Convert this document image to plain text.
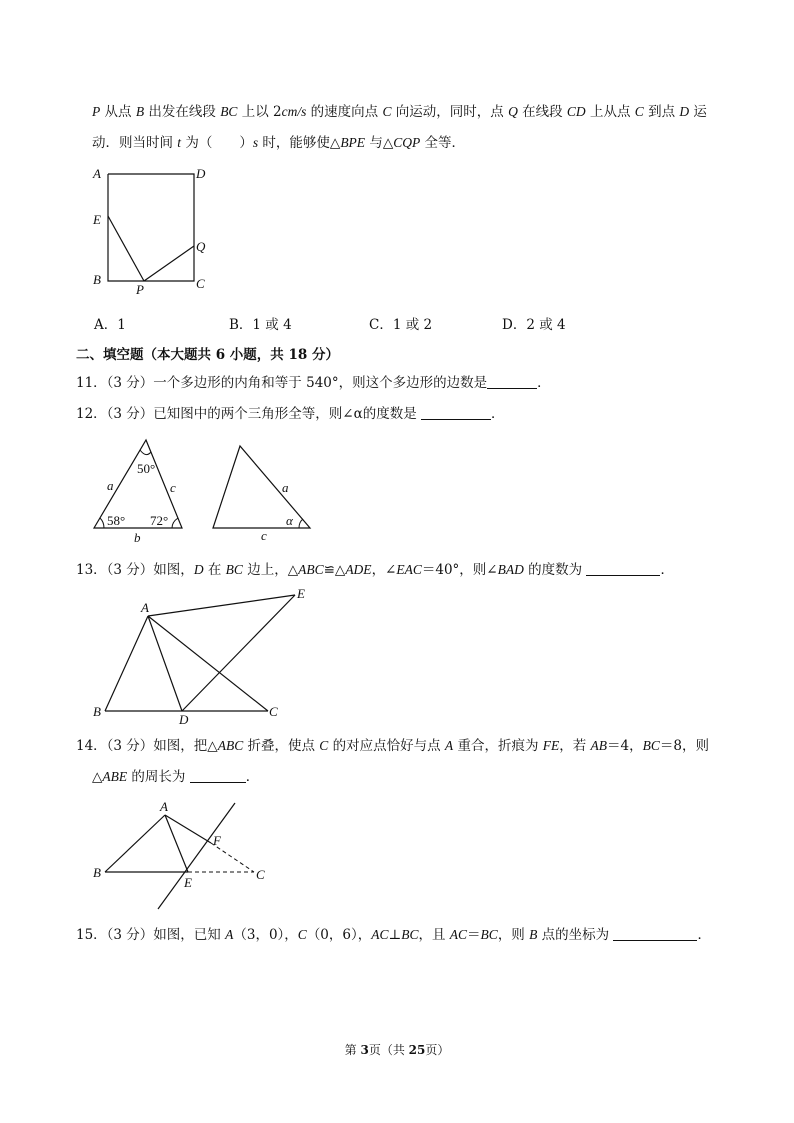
P 从点 B 出发在线段 BC 上以 2cm/s 的速度向点 C 向运动，同时，点 Q 在线段 CD 上从点 C 到点 D 运
动．则当时间 t 为（　　）s 时，能够使△BPE 与△CQP 全等．
A	D
E
Q
B
P	C
A．1	B．1 或 4	C．1 或 2	D．2 或 4
二、填空题（本大题共 6 小题，共 18 分）
11．（3 分）一个多边形的内角和等于 540°，则这个多边形的边数是	．
12．（3 分）已知图中的两个三角形全等，则∠α的度数是	．
50°
58° 72°
a	c
b
a
c
α
13．（3 分）如图，D 在 BC 边上，△ABC≌△ADE，∠EAC＝40°，则∠BAD 的度数为	．
A
E
B
D
C
14．（3 分）如图，把△ABC 折叠，使点 C 的对应点恰好与点 A 重合，折痕为 FE，若 AB＝4，BC＝8，则
△ABE 的周长为	．
A
F
B
E
C
15．（3 分）如图，已知 A（3，0），C（0，6），AC⊥BC，且 AC＝BC，则 B 点的坐标为	．
第 3页（共 25页）
